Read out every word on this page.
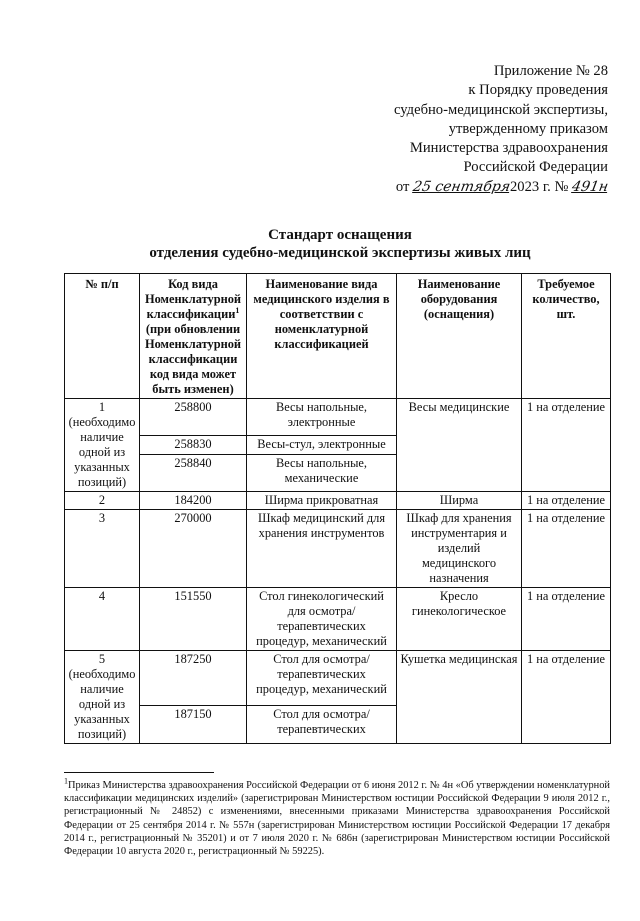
Приложение № 28
к Порядку проведения
судебно-медицинской экспертизы,
утвержденному приказом
Министерства здравоохранения
Российской Федерации
от 25 сентября2023 г. № 491н
Стандарт оснащения
отделения судебно-медицинской экспертизы живых лиц
№ п/п	Код вида Номенклатурной классификации$^1$ (при обновлении Номенклатурной классификации код вида может быть изменен)	Наименование вида медицинского изделия в соответствии с номенклатурной классификацией	Наименование оборудования (оснащения)	Требуемое количество, шт.
1 (необходимо наличие одной из указанных позиций)	258800	Весы напольные, электронные	Весы медицинские	1 на отделение
	258830	Весы-стул, электронные		
	258840	Весы напольные, механические		
2	184200	Ширма прикроватная	Ширма	1 на отделение
3	270000	Шкаф медицинский для хранения инструментов	Шкаф для хранения инструментария и изделий медицинского назначения	1 на отделение
4	151550	Стол гинекологический для осмотра/ терапевтических процедур, механический	Кресло гинекологическое	1 на отделение
5 (необходимо наличие одной из указанных позиций)	187250	Стол для осмотра/ терапевтических процедур, механический	Кушетка медицинская	1 на отделение
	187150	Стол для осмотра/ терапевтических		
$^1$Приказ Министерства здравоохранения Российской Федерации от 6 июня 2012 г. № 4н «Об утверждении номенклатурной классификации медицинских изделий» (зарегистрирован Министерством юстиции Российской Федерации 9 июля 2012 г., регистрационный № 24852) с изменениями, внесенными приказами Министерства здравоохранения Российской Федерации от 25 сентября 2014 г. № 557н (зарегистрирован Министерством юстиции Российской Федерации 17 декабря 2014 г., регистрационный № 35201) и от 7 июля 2020 г. № 686н (зарегистрирован Министерством юстиции Российской Федерации 10 августа 2020 г., регистрационный № 59225).
